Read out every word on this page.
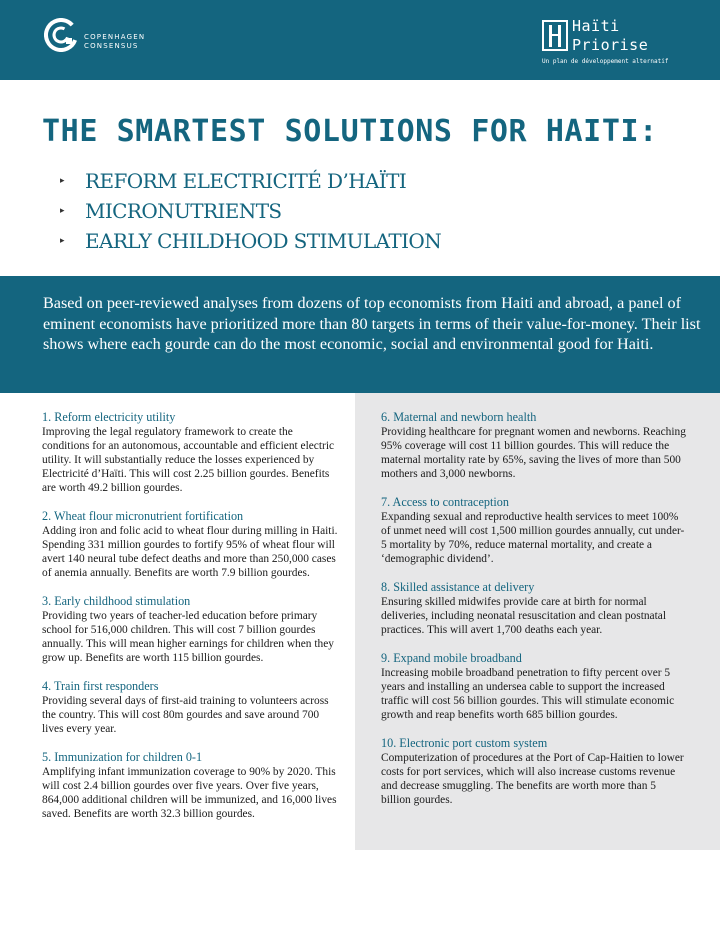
COPENHAGEN
CONSENSUS
Haïti
Priorise
Un plan de développement alternatif
THE SMARTEST SOLUTIONS FOR HAITI:
▸	REFORM ELECTRICITÉ D’HAÏTI
▸	MICRONUTRIENTS
▸	EARLY CHILDHOOD STIMULATION

Based on peer-reviewed analyses from dozens of top economists from Haiti and abroad, a panel of eminent economists have prioritized more than 80 targets in terms of their value-for-money. Their list shows where each gourde can do the most economic, social and environmental good for Haiti.

1. Reform electricity utility
Improving the legal regulatory framework to create the conditions for an autonomous, accountable and efficient electric utility. It will substantially reduce the losses experienced by Electricité d’Haïti. This will cost 2.25 billion gourdes. Benefits are worth 49.2 billion gourdes.
2. Wheat flour micronutrient fortification
Adding iron and folic acid to wheat flour during milling in Haiti. Spending 331 million gourdes to fortify 95% of wheat flour will avert 140 neural tube defect deaths and more than 250,000 cases of anemia annually. Benefits are worth 7.9 billion gourdes.
3. Early childhood stimulation
Providing two years of teacher-led education before primary school for 516,000 children. This will cost 7 billion gourdes annually. This will mean higher earnings for children when they grow up. Benefits are worth 115 billion gourdes.
4. Train first responders
Providing several days of first-aid training to volunteers across the country. This will cost 80m gourdes and save around 700 lives every year.
5. Immunization for children 0-1
Amplifying infant immunization coverage to 90% by 2020. This will cost 2.4 billion gourdes over five years. Over five years, 864,000 additional children will be immunized, and 16,000 lives saved. Benefits are worth 32.3 billion gourdes.
6. Maternal and newborn health
Providing healthcare for pregnant women and newborns. Reaching 95% coverage will cost 11 billion gourdes. This will reduce the maternal mortality rate by 65%, saving the lives of more than 500 mothers and 3,000 newborns.
7. Access to contraception
Expanding sexual and reproductive health services to meet 100% of unmet need will cost 1,500 million gourdes annually, cut under-5 mortality by 70%, reduce maternal mortality, and create a ‘demographic dividend’.
8. Skilled assistance at delivery
Ensuring skilled midwifes provide care at birth for normal deliveries, including neonatal resuscitation and clean postnatal practices. This will avert 1,700 deaths each year.
9. Expand mobile broadband
Increasing mobile broadband penetration to fifty percent over 5 years and installing an undersea cable to support the increased traffic will cost 56 billion gourdes. This will stimulate economic growth and reap benefits worth 685 billion gourdes.
10. Electronic port custom system
Computerization of procedures at the Port of Cap-Haitien to lower costs for port services, which will also increase customs revenue and decrease smuggling. The benefits are worth more than 5 billion gourdes.
